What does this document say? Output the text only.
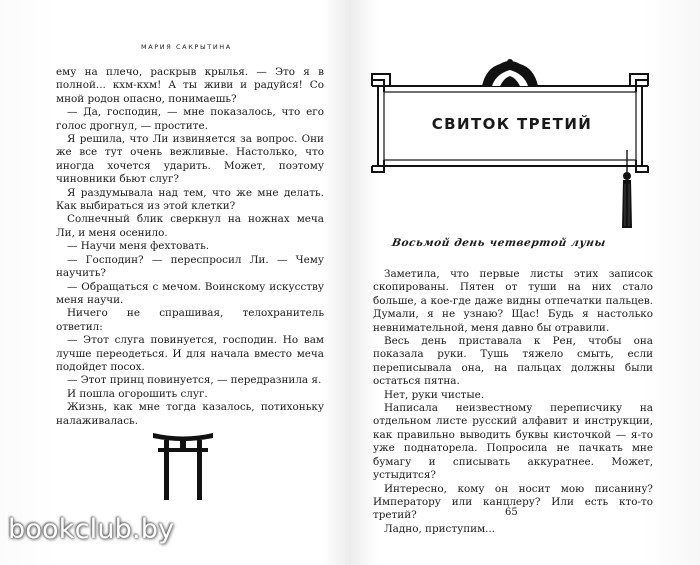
МАРИЯ САКРЫТИНА

ему на плечо, раскрыв крылья. — Это я в полной... кхм-кхм! А ты живи и радуйся! Со мной родон опасно, понимаешь?

— Да, господин, — мне показалось, что его голос дрогнул, — простите.

Я решила, что Ли извиняется за вопрос. Они же все тут очень вежливые. Настолько, что иногда хочется ударить. Может, поэтому чиновники бьют слуг?

Я раздумывала над тем, что же мне делать. Как выбираться из этой клетки?

Солнечный блик сверкнул на ножнах меча Ли, и меня осенило.

— Научи меня фехтовать.

— Господин? — переспросил Ли. — Чему научить?

— Обращаться с мечом. Воинскому искусству меня научи.

Ничего не спрашивая, телохранитель ответил:

— Этот слуга повинуется, господин. Но вам лучше переодеться. И для начала вместо меча подойдет посох.

— Этот принц повинуется, — передразнила я.

И пошла огорошить слуг.

Жизнь, как мне тогда казалось, потихоньку налаживалась.

СВИТОК ТРЕТИЙ
Восьмой день четвертой луны

Заметила, что первые листы этих записок скопированы. Пятен от туши на них стало больше, а кое-где даже видны отпечатки пальцев. Думали, я не узнаю? Щас! Будь я настолько невнимательной, меня давно бы отравили.

Весь день приставала к Рен, чтобы она показала руки. Тушь тяжело смыть, если переписывала она, на пальцах должны были остаться пятна.

Нет, руки чистые.

Написала неизвестному переписчику на отдельном листе русский алфавит и инструкции, как правильно выводить буквы кисточкой — я-то уже поднаторела. Попросила не пачкать мне бумагу и списывать аккуратнее. Может, устыдится?

Интересно, кому он носит мою писанину? Императору или канцлеру? Или есть кто-то третий?

Ладно, приступим...

65
bookclub.by
